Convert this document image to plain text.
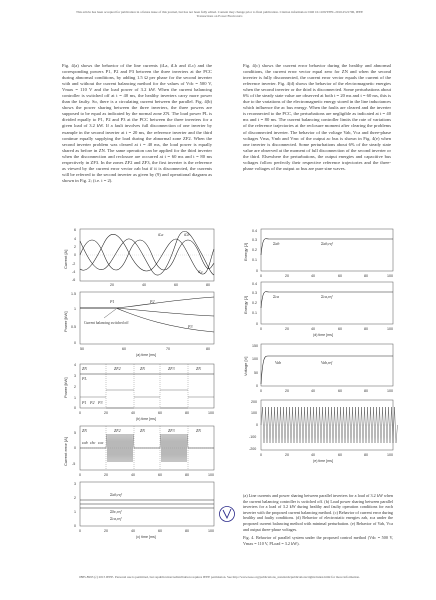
This article has been accepted for publication in a future issue of this journal, but has not been fully edited. Content may change prior to final publication. Citation information: DOI 10.1109/TPEL.2016.2521706, IEEE
Transactions on Power Electronics

Fig. 4(a) shows the behavior of the line currents (iLa, iLb and iLc) and the corresponding powers P1, P2 and P3 between the three inverters at the PCC during abnormal conditions, by adding 1.5 Ω per phase for the second inverter with and without the current balancing method for the values of Vdc = 500 V, Vmax = 110 V and the load power of 3.2 kW. When the current balancing controller is switched off at t = 40 ms, the healthy inverters carry more power than the faulty. So, there is a circulating current between the parallel. Fig. 4(b) shows the power sharing between the three inverters, the three powers are supposed to be equal as indicated by the normal zone ZN. The load power PL is divided equally to P1, P2 and P3 at the PCC between the three inverters for a given load of 3.2 kW. If a fault involves full disconnection of one inverter by example in the second inverter at t = 20 ms, the reference inverter and the third continue equally supplying the load during the abnormal zone ZF2. When the second inverter problem was cleared at t = 40 ms, the load power is equally shared as before in ZN. The same operation can be applied for the third inverter when the disconnection and reclosure are occurred at t = 60 ms and t = 80 ms respectively in ZF3. In the zones ZF2 and ZF3, the first inverter is the reference as viewed by the current error vector εab but if it is disconnected, the currents will be referred to the second inverter as given by (9) and operational diagram as shown in Fig. 2; (i.e. i = 2).

Fig. 4(c) shows the current error behavior during the healthy and abnormal conditions, the current error vector equal zero for ZN and when the second inverter is fully disconnected, the current error vector equals the current of the reference inverter. Fig. 4(d) shows the behavior of the electromagnetic energies when the second inverter or the third is disconnected. Some perturbations about 6% of the steady state value are observed at both t = 20 ms and t = 60 ms, this is due to the variations of the electromagnetic energy stored in the line inductances which influence the ac bus energy. When the faults are cleared and the inverter is reconnected to the PCC, the perturbations are negligible as indicated at t = 40 ms and t = 80 ms. The current balancing controller limits the rate of variations of the reference trajectories at the reclosure moment after clearing the problems of disconnected inverter. The behavior of the voltage Vab, Vca and three-phase voltages Vma, Vmb and Vmc of the output ac bus is shown in Fig. 4(e) when one inverter is disconnected. Some perturbations about 6% of the steady state value are observed at the moment of full disconnection of the second inverter or the third. Elsewhere the perturbations, the output energies and capacitive bus voltages follow perfectly their respective reference trajectories and the three-phase voltages of the output ac bus are pure sine waves.

iLa	iLb
iLc
6
4
2
0
-2
-4
-6
20	40	60	80
Current [A]
P1	P2
P3
Current balancing switched off
1.5
1
0.5
0
50	60	70	80
(a) time [ms]
Power [kW]
ZN	ZF2	ZN	ZF3	ZN
PL
P1 P2 P3
4
3
2
1
0
0	20	40	60	80	100
(b) time [ms]
Power [kW]
ZN	ZF2	ZN	ZF3	ZN
εab εbc εca
5
0
-5
0	20	40	60	80	100
Current error [A]
Σab,ref
Σbc,ref
Σca,ref
3
2
1
0
0	20	40	60	80	100
(c) time [ms]
Σab	Σab,ref
0.4
0.3
0.2
0.1
0
0	20	40	60	80	100
Energy [J]
Σca	Σca,ref
0.4
0.3
0.2
0.1
0
0	20	40	60	80	100
(d) time [ms]
Energy [J]
Vab	Vab,ref
150
100
50
0
0	20	40	60	80	100
Voltage [V]
200
100
0
-100
-200
0	20	40	60	80	100
(e) time [ms]
(a) Line currents and power sharing between parallel inverters for a load of 3.2 kW when the current balancing controller is switched off. (b) Load power sharing between parallel inverters for a load of 3.2 kW during healthy and faulty operation conditions for each inverter with the proposed current balancing method. (c) Behavior of current error during healthy and faulty conditions. (d) Behavior of electrostatic energies εab, εca under the proposed current balancing method with minimal perturbation. (e) Behavior of Vab, Vca and output three-phase voltages.
Fig. 4. Behavior of parallel system under the proposed control method (Vdc = 500 V, Vmax = 110 V, PLoad = 3.2 kW).
0885-8993 (c) 2015 IEEE. Personal use is permitted, but republication/redistribution requires IEEE permission. See http://www.ieee.org/publications_standards/publications/rights/index.html for more information.
